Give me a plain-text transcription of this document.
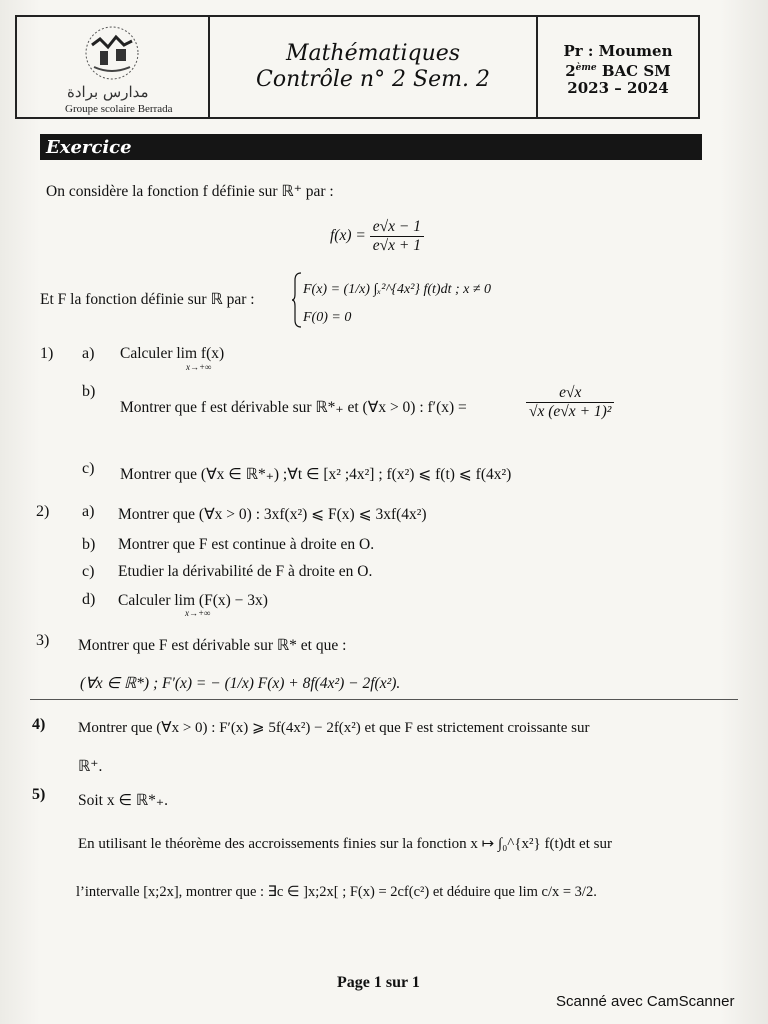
ﻣﺪﺍﺭﺱ ﺑﺮﺍﺩﺓ
Groupe scolaire Berrada
Mathématiques
Contrôle n° 2 Sem. 2
Pr : Moumen
2ème BAC SM
2023 – 2024
Exercice
On considère la fonction f définie sur ℝ⁺ par :
$f(x) = \frac{e√x - 1}{e√x + 1}$
Et F la fonction définie sur ℝ par :
F(x) = (1/x) ∫ₓ²^{4x²} f(t)dt ; x ≠ 0
F(0) = 0
1) a) Calculer lim f(x)
x→+∞
b)
Montrer que f est dérivable sur ℝ*₊ et (∀x > 0) : f′(x) =	$\frac{e√x}{\text{√x (e√x + 1)²}}$
c) Montrer que (∀x ∈ ℝ*₊) ;∀t ∈ [x² ;4x²] ; f(x²) ⩽ f(t) ⩽ f(4x²)
2) a) Montrer que (∀x > 0) : 3xf(x²) ⩽ F(x) ⩽ 3xf(4x²)
b) Montrer que F est continue à droite en O.
c) Etudier la dérivabilité de F à droite en O.
d) Calculer lim (F(x) − 3x)
x→+∞
3) Montrer que F est dérivable sur ℝ* et que :
(∀x ∈ ℝ*) ; F′(x) = − (1/x) F(x) + 8f(4x²) − 2f(x²).
4) Montrer que (∀x > 0) : F′(x) ⩾ 5f(4x²) − 2f(x²) et que F est strictement croissante sur
ℝ⁺.
5) Soit x ∈ ℝ*₊.
En utilisant le théorème des accroissements finies sur la fonction x ↦ ∫₀^{x²} f(t)dt et sur
l’intervalle [x;2x], montrer que : ∃c ∈ ]x;2x[ ; F(x) = 2cf(c²) et déduire que lim c/x = 3/2.
Page 1 sur 1
Scanné avec CamScanner
